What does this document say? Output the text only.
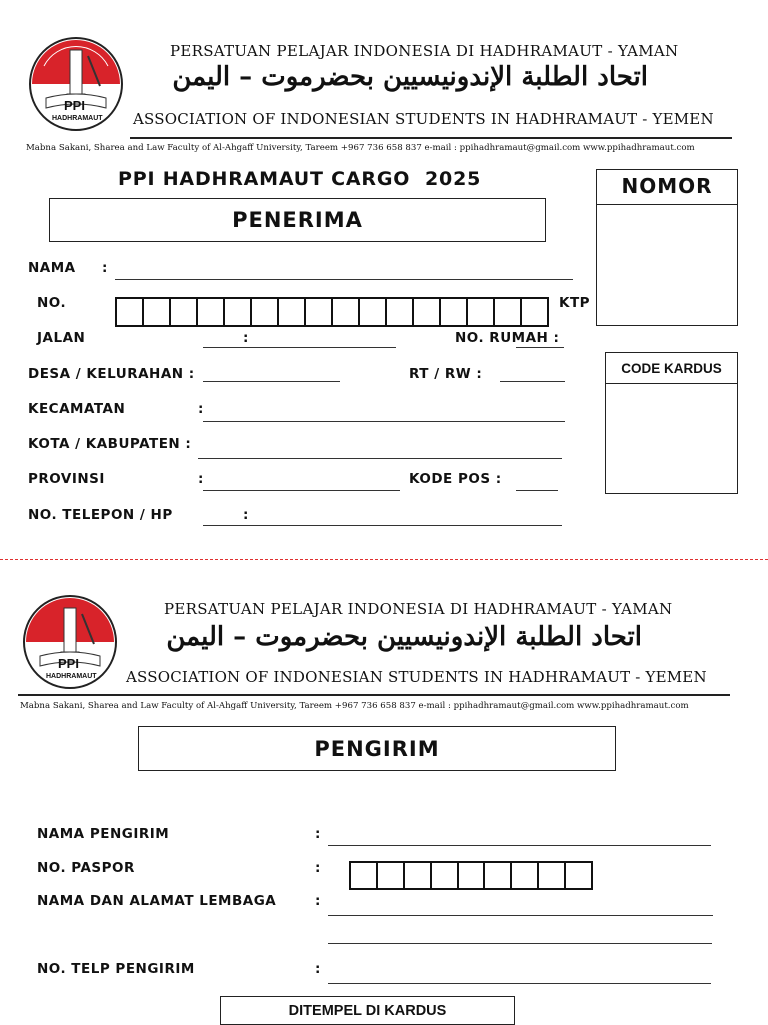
PPI
HADHRAMAUT
PERSATUAN PELAJAR INDONESIA DI HADHRAMAUT - YAMAN
اتحاد الطلبة الإندونيسيين بحضرموت – اليمن
ASSOCIATION OF INDONESIAN STUDENTS IN HADHRAMAUT - YEMEN
Mabna Sakani, Sharea and Law Faculty of Al-Ahgaff University, Tareem +967 736 658 837 e-mail : ppihadhramaut@gmail.com www.ppihadhramaut.com
PPI HADHRAMAUT CARGO  2025
PENERIMA
NOMOR
CODE KARDUS
NAMA :
NO.	KTP
JALAN	:	NO. RUMAH :
DESA / KELURAHAN :	RT / RW :
KECAMATAN	:
KOTA / KABUPATEN :
PROVINSI	:	KODE POS :
NO. TELEPON / HP	:
PPI
HADHRAMAUT
PERSATUAN PELAJAR INDONESIA DI HADHRAMAUT - YAMAN
اتحاد الطلبة الإندونيسيين بحضرموت – اليمن
ASSOCIATION OF INDONESIAN STUDENTS IN HADHRAMAUT - YEMEN
Mabna Sakani, Sharea and Law Faculty of Al-Ahgaff University, Tareem +967 736 658 837 e-mail : ppihadhramaut@gmail.com www.ppihadhramaut.com
PENGIRIM
NAMA PENGIRIM	:
NO. PASPOR	:
NAMA DAN ALAMAT LEMBAGA	:
NO. TELP PENGIRIM	:
DITEMPEL DI KARDUS
